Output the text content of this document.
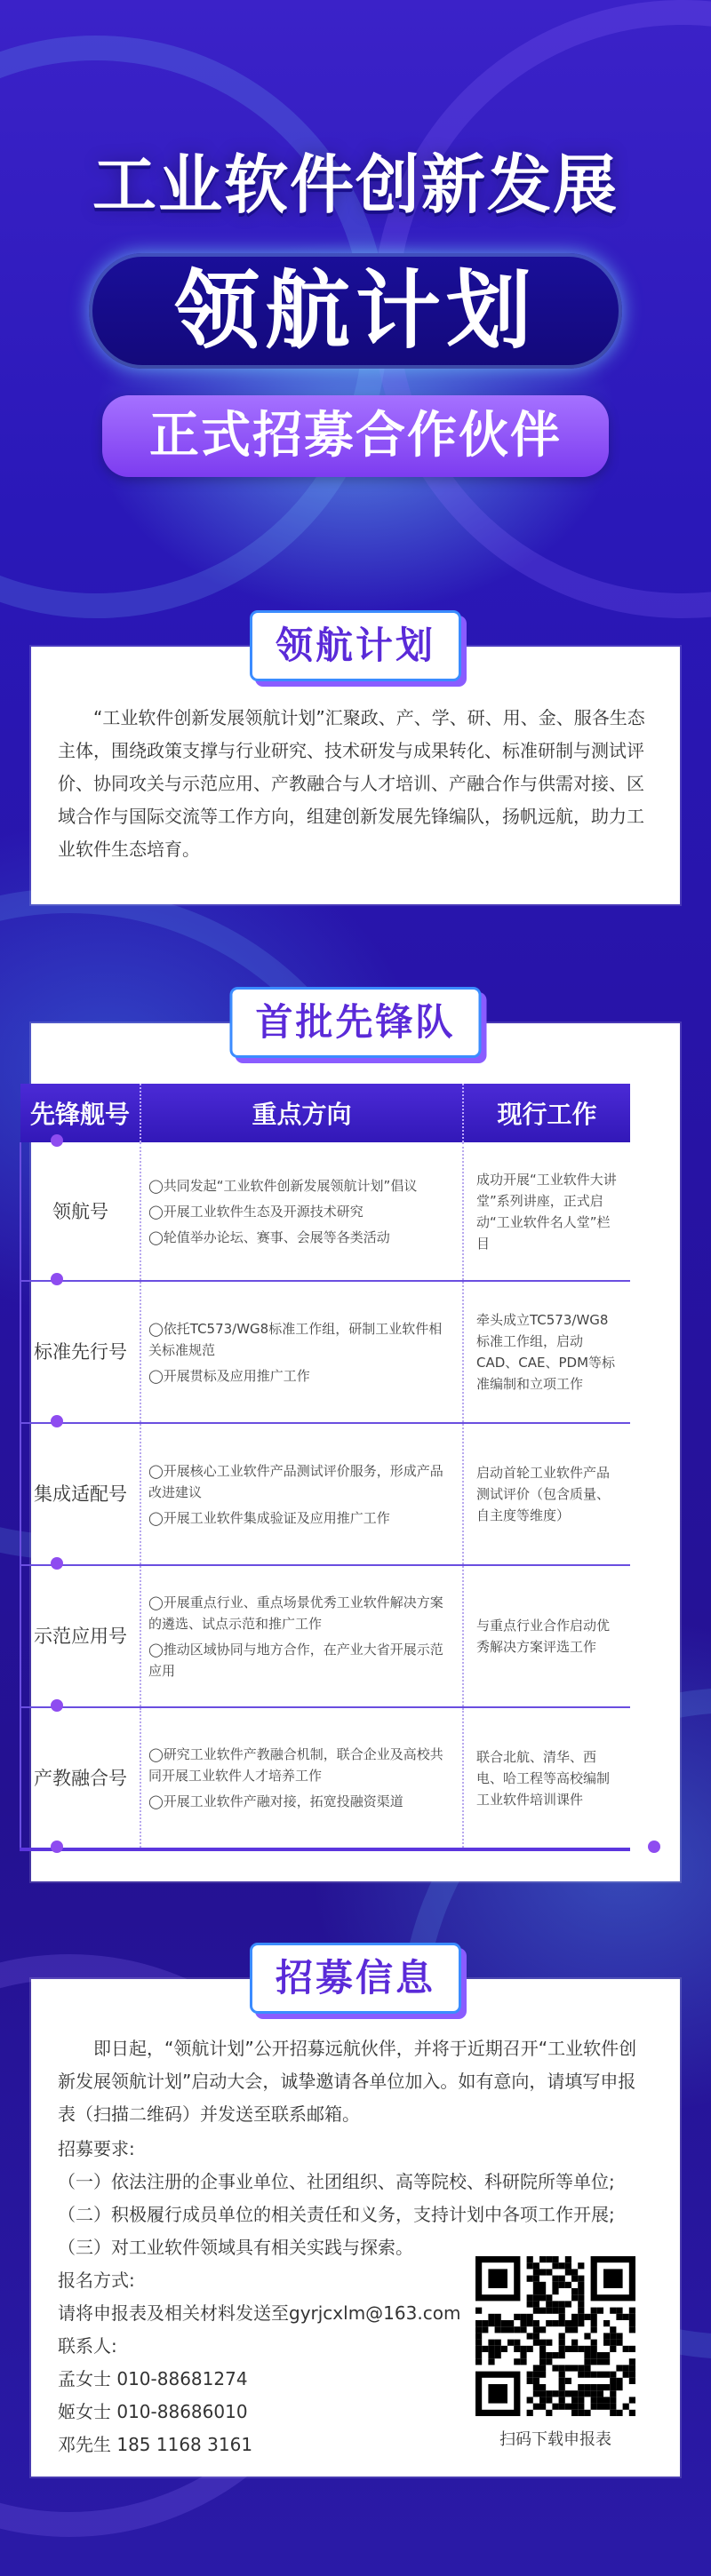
工业软件创新发展
领航计划
正式招募合作伙伴
领航计划
“工业软件创新发展领航计划”汇聚政、产、学、研、用、金、服各生态主体，围绕政策支撑与行业研究、技术研发与成果转化、标准研制与测试评价、协同攻关与示范应用、产教融合与人才培训、产融合作与供需对接、区域合作与国际交流等工作方向，组建创新发展先锋编队，扬帆远航，助力工业软件生态培育。
首批先锋队
先锋舰号	重点方向	现行工作
领航号	◯共同发起“工业软件创新发展领航计划”倡议
◯开展工业软件生态及开源技术研究
◯轮值举办论坛、赛事、会展等各类活动	成功开展“工业软件大讲堂”系列讲座，正式启动“工业软件名人堂”栏目
标准先行号	◯依托TC573/WG8标准工作组，研制工业软件相关标准规范
◯开展贯标及应用推广工作	牵头成立TC573/WG8标准工作组，启动CAD、CAE、PDM等标准编制和立项工作
集成适配号	◯开展核心工业软件产品测试评价服务，形成产品改进建议
◯开展工业软件集成验证及应用推广工作	启动首轮工业软件产品测试评价（包含质量、自主度等维度）
示范应用号	◯开展重点行业、重点场景优秀工业软件解决方案的遴选、试点示范和推广工作
◯推动区域协同与地方合作，在产业大省开展示范应用	与重点行业合作启动优秀解决方案评选工作
产教融合号	◯研究工业软件产教融合机制，联合企业及高校共同开展工业软件人才培养工作
◯开展工业软件产融对接，拓宽投融资渠道	联合北航、清华、西电、哈工程等高校编制工业软件培训课件
招募信息
即日起，“领航计划”公开招募远航伙伴，并将于近期召开“工业软件创新发展领航计划”启动大会，诚挚邀请各单位加入。如有意向，请填写申报表（扫描二维码）并发送至联系邮箱。
招募要求:
（一）依法注册的企事业单位、社团组织、高等院校、科研院所等单位;
（二）积极履行成员单位的相关责任和义务，支持计划中各项工作开展;
（三）对工业软件领域具有相关实践与探索。
报名方式:
请将申报表及相关材料发送至gyrjcxlm@163.com
联系人:
孟女士 010-88681274
姬女士 010-88686010
邓先生 185 1168 3161	扫码下载申报表
